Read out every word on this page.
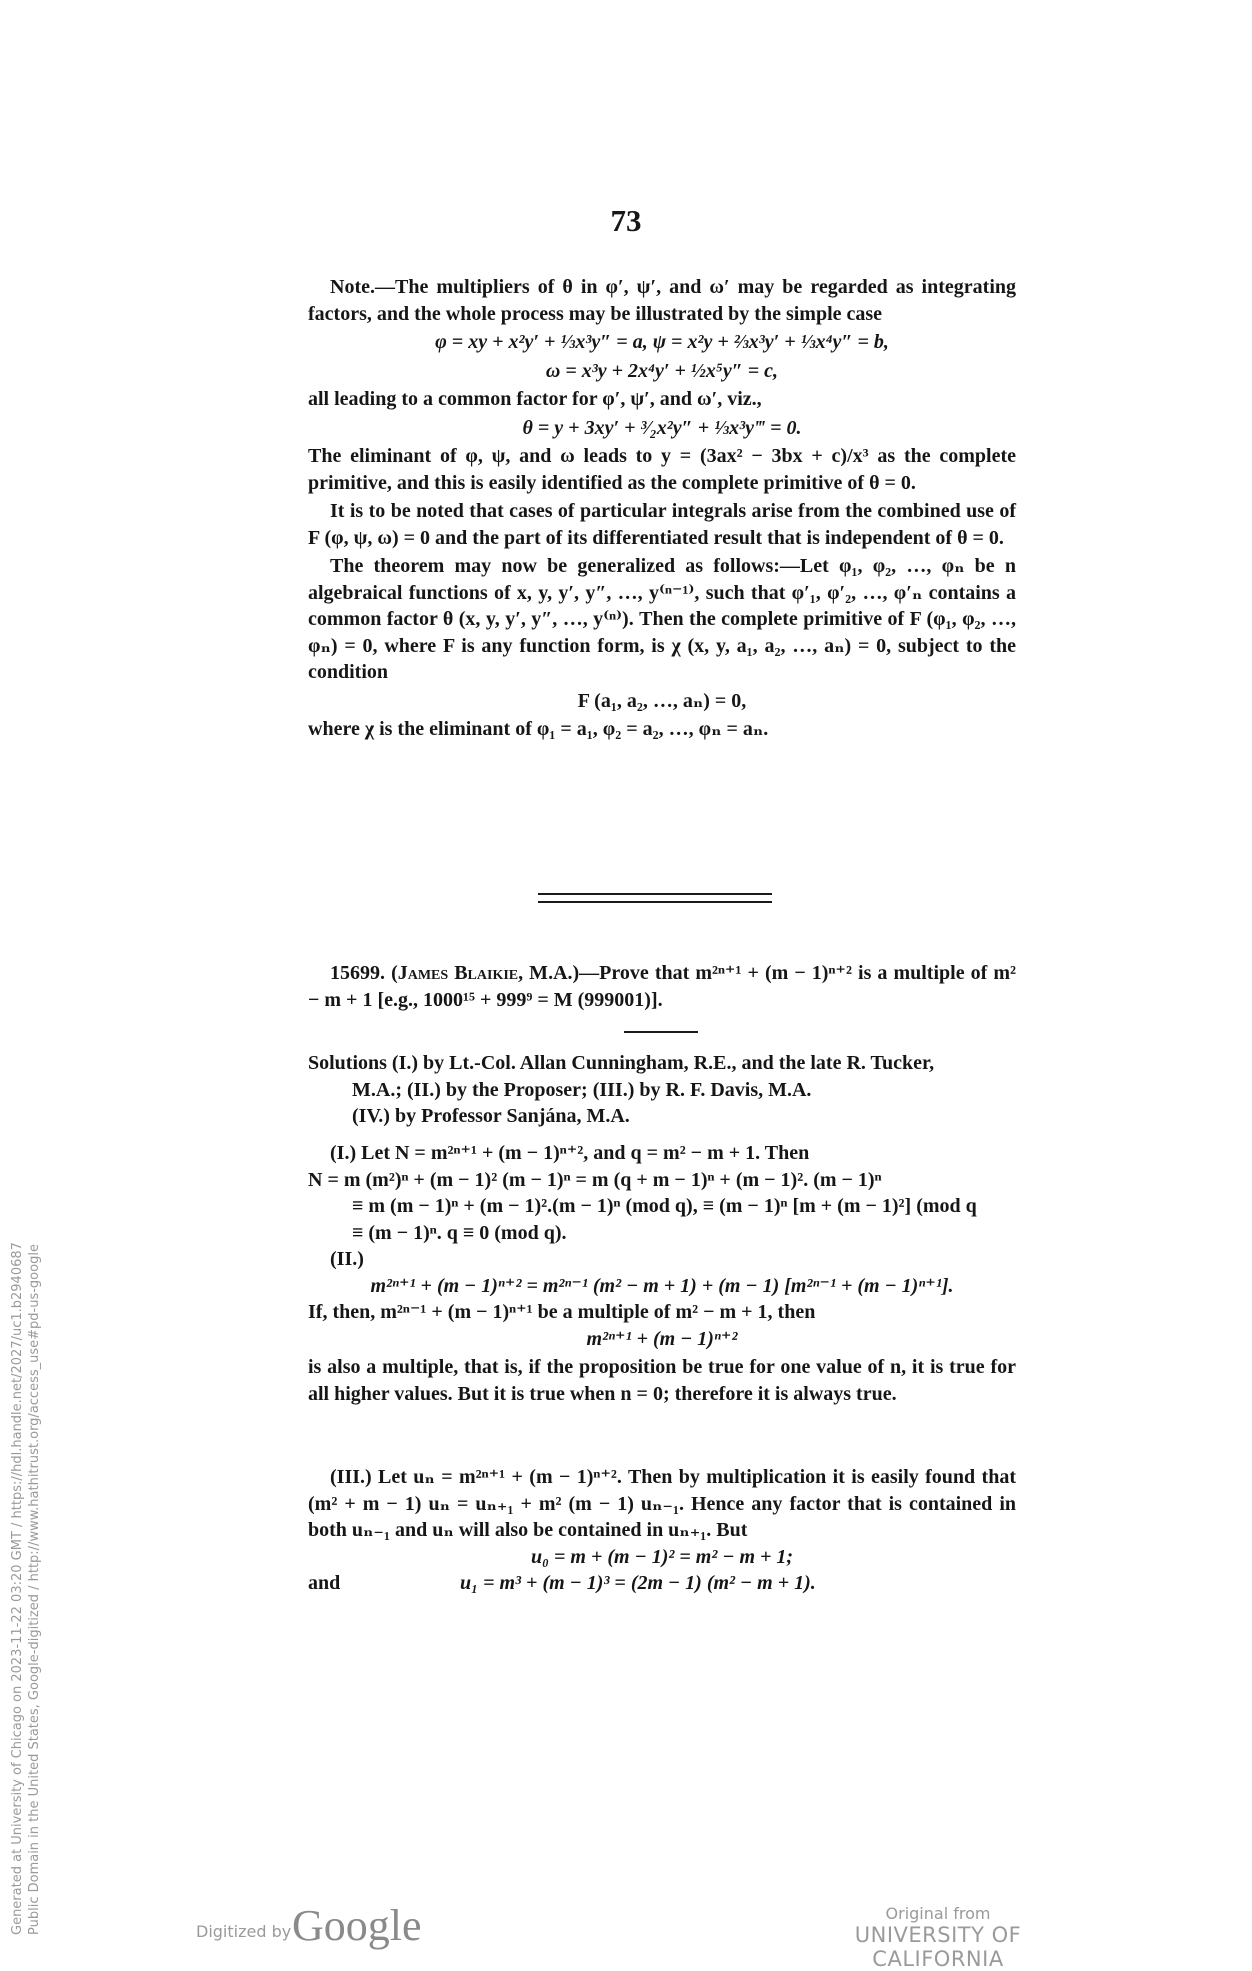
73

Note.—The multipliers of θ in φ′, ψ′, and ω′ may be regarded as integrating factors, and the whole process may be illustrated by the simple case

φ = xy + x²y′ + ⅓x³y″ = a, ψ = x²y + ⅔x³y′ + ⅓x⁴y″ = b,

ω = x³y + 2x⁴y′ + ½x⁵y″ = c,

all leading to a common factor for φ′, ψ′, and ω′, viz.,

θ = y + 3xy′ + ³⁄₂x²y″ + ⅓x³y‴ = 0.

The eliminant of φ, ψ, and ω leads to y = (3ax² − 3bx + c)/x³ as the complete primitive, and this is easily identified as the complete primitive of θ = 0.

It is to be noted that cases of particular integrals arise from the combined use of F (φ, ψ, ω) = 0 and the part of its differentiated result that is independent of θ = 0.

The theorem may now be generalized as follows:—Let φ₁, φ₂, …, φₙ be n algebraical functions of x, y, y′, y″, …, y⁽ⁿ⁻¹⁾, such that φ′₁, φ′₂, …, φ′ₙ contains a common factor θ (x, y, y′, y″, …, y⁽ⁿ⁾). Then the complete primitive of F (φ₁, φ₂, …, φₙ) = 0, where F is any function form, is χ (x, y, a₁, a₂, …, aₙ) = 0, subject to the condition

F (a₁, a₂, …, aₙ) = 0,

where χ is the eliminant of φ₁ = a₁, φ₂ = a₂, …, φₙ = aₙ.

15699. (James Blaikie, M.A.)—Prove that m²ⁿ⁺¹ + (m − 1)ⁿ⁺² is a multiple of m² − m + 1 [e.g., 1000¹⁵ + 999⁹ = M (999001)].

Solutions (I.) by Lt.-Col. Allan Cunningham, R.E., and the late R. Tucker,

M.A.; (II.) by the Proposer; (III.) by R. F. Davis, M.A.

(IV.) by Professor Sanjána, M.A.

(I.) Let N = m²ⁿ⁺¹ + (m − 1)ⁿ⁺², and q = m² − m + 1. Then

N = m (m²)ⁿ + (m − 1)² (m − 1)ⁿ = m (q + m − 1)ⁿ + (m − 1)². (m − 1)ⁿ

≡ m (m − 1)ⁿ + (m − 1)².(m − 1)ⁿ (mod q), ≡ (m − 1)ⁿ [m + (m − 1)²] (mod q

≡ (m − 1)ⁿ. q ≡ 0 (mod q).

(II.)

m²ⁿ⁺¹ + (m − 1)ⁿ⁺² = m²ⁿ⁻¹ (m² − m + 1) + (m − 1) [m²ⁿ⁻¹ + (m − 1)ⁿ⁺¹].

If, then, m²ⁿ⁻¹ + (m − 1)ⁿ⁺¹ be a multiple of m² − m + 1, then

m²ⁿ⁺¹ + (m − 1)ⁿ⁺²

is also a multiple, that is, if the proposition be true for one value of n, it is true for all higher values. But it is true when n = 0; therefore it is always true.

(III.) Let uₙ = m²ⁿ⁺¹ + (m − 1)ⁿ⁺². Then by multiplication it is easily found that (m² + m − 1) uₙ = uₙ₊₁ + m² (m − 1) uₙ₋₁. Hence any factor that is contained in both uₙ₋₁ and uₙ will also be contained in uₙ₊₁. But

u₀ = m + (m − 1)² = m² − m + 1;

and	u₁ = m³ + (m − 1)³ = (2m − 1) (m² − m + 1).

Generated at University of Chicago on 2023-11-22 03:20 GMT / https://hdl.handle.net/2027/uc1.b2940687 Public Domain in the United States, Google-digitized / http://www.hathitrust.org/access_use#pd-us-google	Digitized by Google	Original from
UNIVERSITY OF CALIFORNIA
